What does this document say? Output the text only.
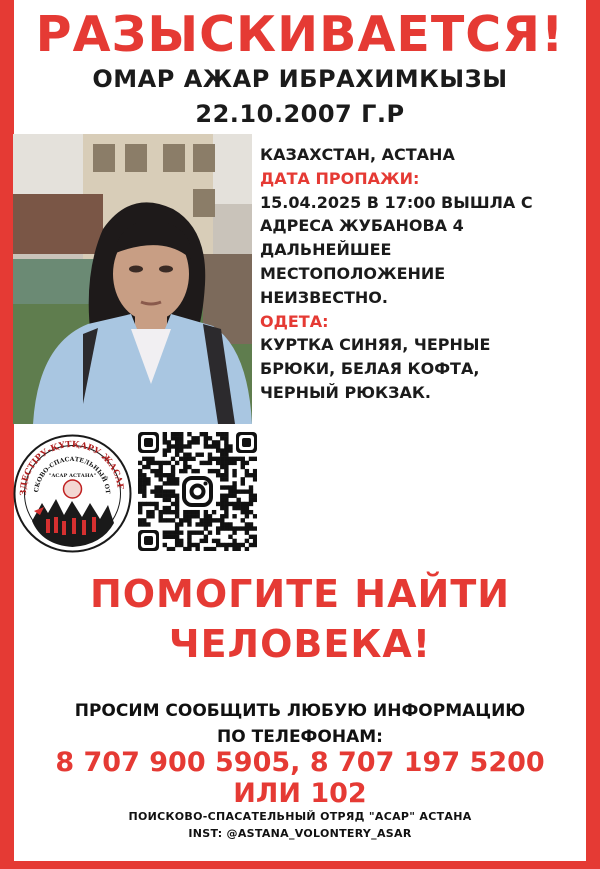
РАЗЫСКИВАЕТСЯ!
ОМАР АЖАР ИБРАХИМКЫЗЫ
22.10.2007 Г.Р
КАЗАХСТАН, АСТАНА
ДАТА ПРОПАЖИ:
15.04.2025 В 17:00 ВЫШЛА С
АДРЕСА ЖУБАНОВА 4
ДАЛЬНЕЙШЕЕ
МЕСТОПОЛОЖЕНИЕ
НЕИЗВЕСТНО.
ОДЕТА:
КУРТКА СИНЯЯ, ЧЕРНЫЕ
БРЮКИ, БЕЛАЯ КОФТА,
ЧЕРНЫЙ РЮКЗАК.
ЗДЕСТІРУ-ҚҰТҚАРУ ЖАСАҒ
СКОВО-СПАСАТЕЛЬНЫЙ ОТ
"АСАР АСТАНА"
ПОМОГИТЕ НАЙТИ
ЧЕЛОВЕКА!
ПРОСИМ СООБЩИТЬ ЛЮБУЮ ИНФОРМАЦИЮ
ПО ТЕЛЕФОНАМ:
8 707 900 5905, 8 707 197 5200
ИЛИ 102
ПОИСКОВО-СПАСАТЕЛЬНЫЙ ОТРЯД "АСАР" АСТАНА
INST: @ASTANA_VOLONTERY_ASAR
